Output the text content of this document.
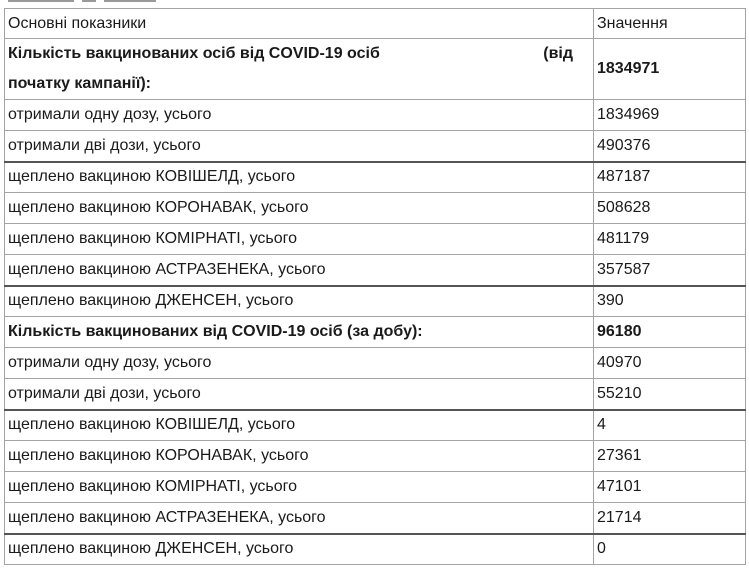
Основні показники	Значення

Кількість вакцинованих осіб від COVID-19 осіб (від

початку кампанії):	1834971
отримали одну дозу, усього	1834969
отримали дві дози, усього	490376
щеплено вакциною КОВІШЕЛД, усього	487187
щеплено вакциною КОРОНАВАК, усього	508628
щеплено вакциною КОМІРНАТІ, усього	481179
щеплено вакциною АСТРАЗЕНЕКА, усього	357587
щеплено вакциною ДЖЕНСЕН, усього	390
Кількість вакцинованих від COVID-19 осіб (за добу):	96180
отримали одну дозу, усього	40970
отримали дві дози, усього	55210
щеплено вакциною КОВІШЕЛД, усього	4
щеплено вакциною КОРОНАВАК, усього	27361
щеплено вакциною КОМІРНАТІ, усього	47101
щеплено вакциною АСТРАЗЕНЕКА, усього	21714
щеплено вакциною ДЖЕНСЕН, усього	0
